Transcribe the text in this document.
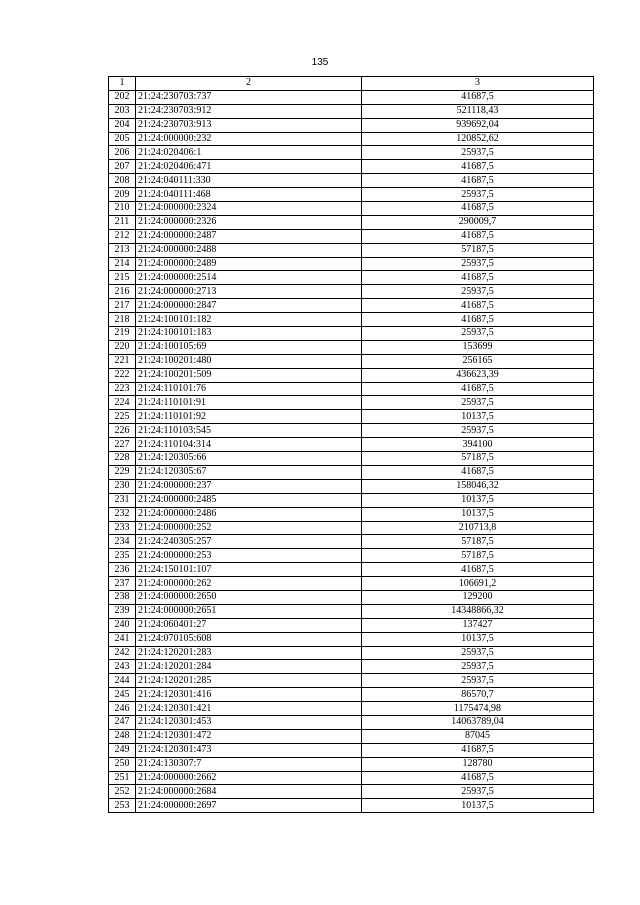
135
1	2	3
202	21:24:230703:737	41687,5
203	21:24:230703:912	521118,43
204	21:24:230703:913	939692,04
205	21:24:000000:232	120852,62
206	21:24:020406:1	25937,5
207	21:24:020406:471	41687,5
208	21:24:040111:330	41687,5
209	21:24:040111:468	25937,5
210	21:24:000000:2324	41687,5
211	21:24:000000:2326	290009,7
212	21:24:000000:2487	41687,5
213	21:24:000000:2488	57187,5
214	21:24:000000:2489	25937,5
215	21:24:000000:2514	41687,5
216	21:24:000000:2713	25937,5
217	21:24:000000:2847	41687,5
218	21:24:100101:182	41687,5
219	21:24:100101:183	25937,5
220	21:24:100105:69	153699
221	21:24:100201:480	256165
222	21:24:100201:509	436623,39
223	21:24:110101:76	41687,5
224	21:24:110101:91	25937,5
225	21:24:110101:92	10137,5
226	21:24:110103:545	25937,5
227	21:24:110104:314	394100
228	21:24:120305:66	57187,5
229	21:24:120305:67	41687,5
230	21:24:000000:237	158046,32
231	21:24:000000:2485	10137,5
232	21:24:000000:2486	10137,5
233	21:24:000000:252	210713,8
234	21:24:240305:257	57187,5
235	21:24:000000:253	57187,5
236	21:24:150101:107	41687,5
237	21:24:000000:262	106691,2
238	21:24:000000:2650	129200
239	21:24:000000:2651	14348866,32
240	21:24:060401:27	137427
241	21:24:070105:608	10137,5
242	21:24:120201:283	25937,5
243	21:24:120201:284	25937,5
244	21:24:120201:285	25937,5
245	21:24:120301:416	86570,7
246	21:24:120301:421	1175474,98
247	21:24:120301:453	14063789,04
248	21:24:120301:472	87045
249	21:24:120301:473	41687,5
250	21:24:130307:7	128780
251	21:24:000000:2662	41687,5
252	21:24:000000:2684	25937,5
253	21:24:000000:2697	10137,5
